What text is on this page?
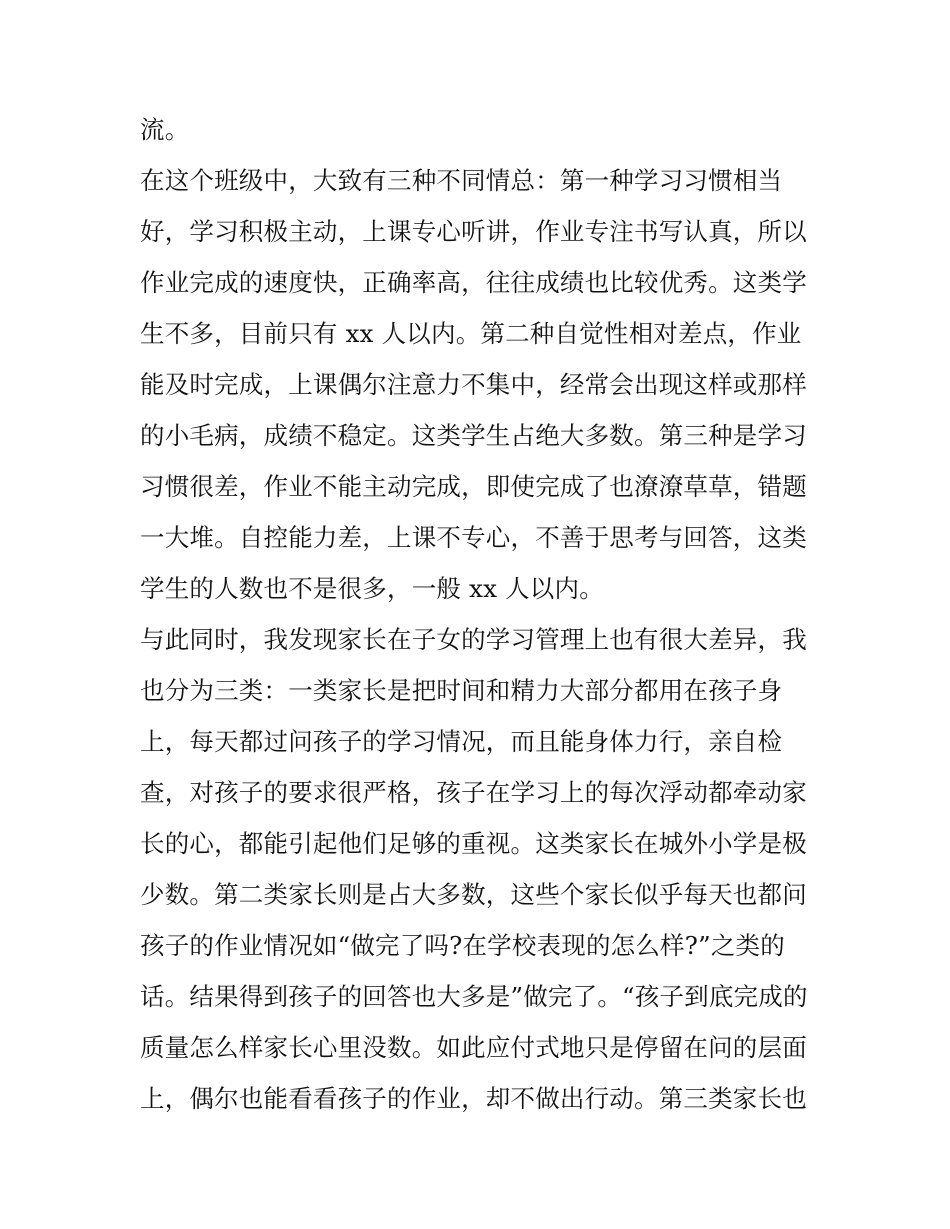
流。
在这个班级中，大致有三种不同情总：第一种学习习惯相当
好，学习积极主动，上课专心听讲，作业专注书写认真，所以
作业完成的速度快，正确率高，往往成绩也比较优秀。这类学
生不多，目前只有 xx 人以内。第二种自觉性相对差点，作业
能及时完成，上课偶尔注意力不集中，经常会出现这样或那样
的小毛病，成绩不稳定。这类学生占绝大多数。第三种是学习
习惯很差，作业不能主动完成，即使完成了也潦潦草草，错题
一大堆。自控能力差，上课不专心，不善于思考与回答，这类
学生的人数也不是很多，一般 xx 人以内。
与此同时，我发现家长在子女的学习管理上也有很大差异，我
也分为三类：一类家长是把时间和精力大部分都用在孩子身
上，每天都过问孩子的学习情况，而且能身体力行，亲自检
查，对孩子的要求很严格，孩子在学习上的每次浮动都牵动家
长的心，都能引起他们足够的重视。这类家长在城外小学是极
少数。第二类家长则是占大多数，这些个家长似乎每天也都问
孩子的作业情况如“做完了吗?在学校表现的怎么样?”之类的
话。结果得到孩子的回答也大多是”做完了。“孩子到底完成的
质量怎么样家长心里没数。如此应付式地只是停留在问的层面
上，偶尔也能看看孩子的作业，却不做出行动。第三类家长也
